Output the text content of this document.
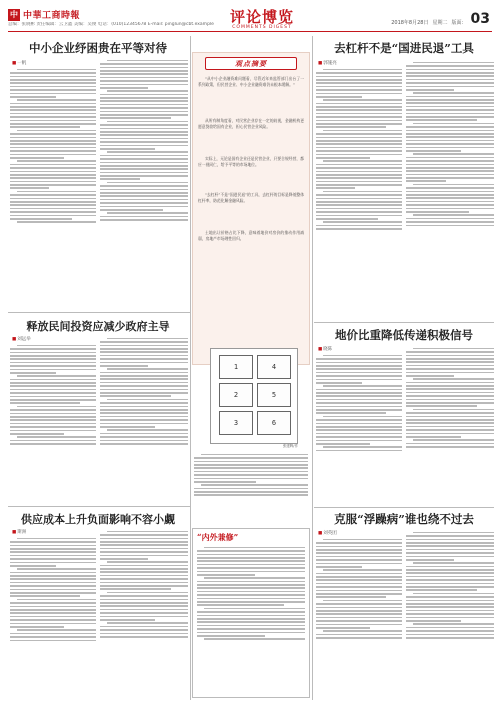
中 中華工商時報
总编：张晓彬 责任编辑：云卫鑫 美编：吴俊 电话：(010)12345678 E-mail: pinglun@cbt.example	评论博览
COMMENTS DIGEST
2018年8月28日 星期二 版面： 03
中小企业纾困贵在平等对待
■ 一帆
释放民间投资应减少政府主导
■ 刘远举
供应成本上升负面影响不容小觑
■ 斯洲
观点摘要
“从中小企业融资难问题看，尽管近年来监管部门出台了一系列政策，但民营企业、中小企业融资难仍未根本缓解。”
从所有制角度看，对民营企业存在一定的歧视，金融机构更愿意贷款给国有企业，担心民营企业风险。
实际上，无论是国有企业还是民营企业，只要合规经营，都应一视同仁，给予平等的市场地位。
“去杠杆”不是“国进民退”的工具，去杠杆的目标是降低整体杠杆率，防范化解金融风险。
土地出让价格占比下降，意味着地价对房价的推动作用减弱，房地产市场理性回归。
1	4
2	5
3	6
张建辉/作
“内外兼修”
去杠杆不是“国进民退”工具
■ 郭施亮
地价比重降低传递积极信号
■ 晓陈
克服“浮躁病”谁也绕不过去
■ 刘英团
